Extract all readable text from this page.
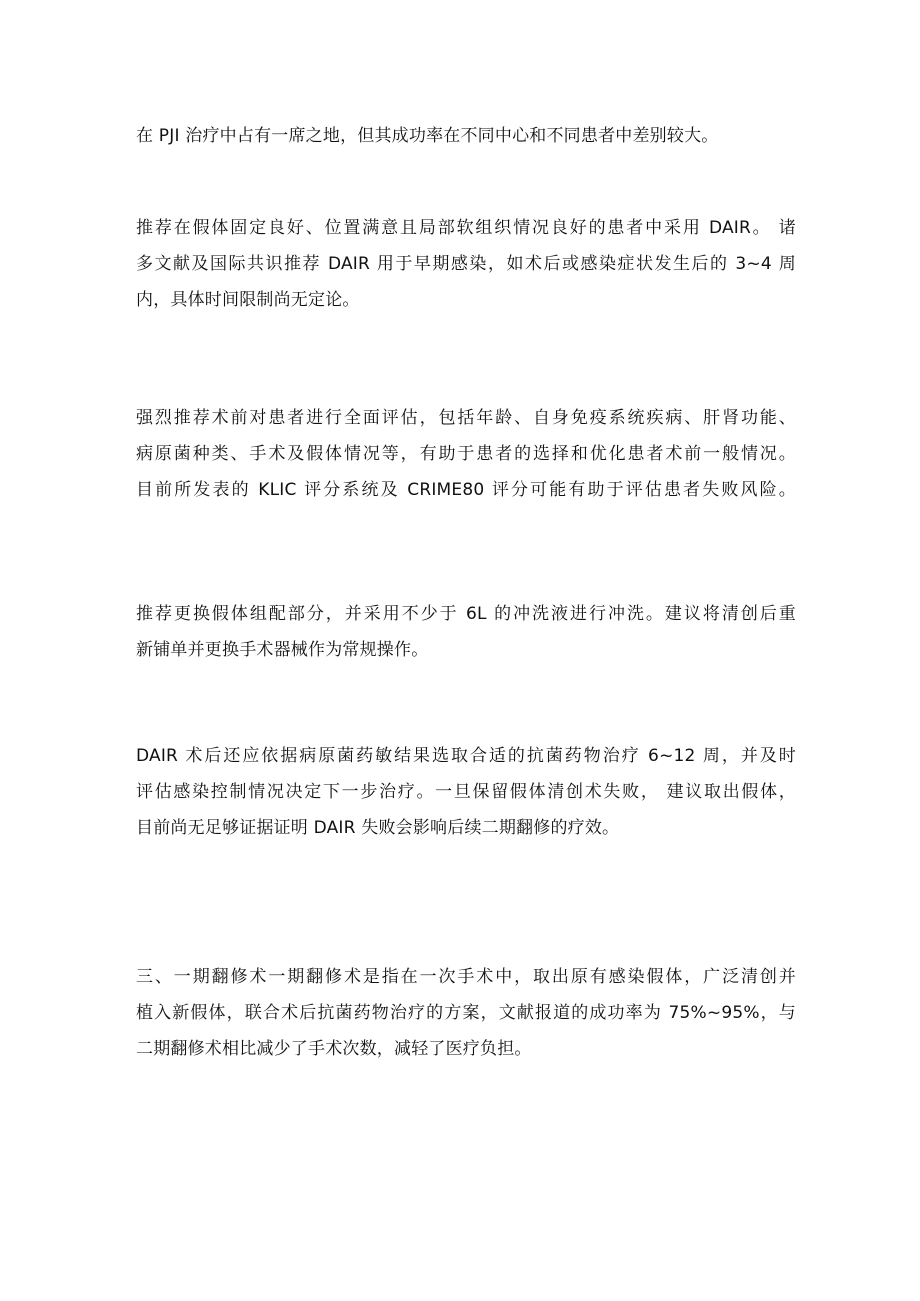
在 PJI 治疗中占有一席之地，但其成功率在不同中心和不同患者中差别较大。

推荐在假体固定良好、位置满意且局部软组织情况良好的患者中采用 DAIR。 诸
多文献及国际共识推荐 DAIR 用于早期感染，如术后或感染症状发生后的 3~4 周
内，具体时间限制尚无定论。

强烈推荐术前对患者进行全面评估，包括年龄、自身免疫系统疾病、肝肾功能、
病原菌种类、手术及假体情况等，有助于患者的选择和优化患者术前一般情况。
目前所发表的 KLIC 评分系统及 CRIME80 评分可能有助于评估患者失败风险。

推荐更换假体组配部分，并采用不少于 6L 的冲洗液进行冲洗。建议将清创后重
新铺单并更换手术器械作为常规操作。

DAIR 术后还应依据病原菌药敏结果选取合适的抗菌药物治疗 6~12 周，并及时
评估感染控制情况决定下一步治疗。一旦保留假体清创术失败， 建议取出假体，
目前尚无足够证据证明 DAIR 失败会影响后续二期翻修的疗效。

三、一期翻修术一期翻修术是指在一次手术中，取出原有感染假体，广泛清创并
植入新假体，联合术后抗菌药物治疗的方案，文献报道的成功率为 75%~95%，与
二期翻修术相比减少了手术次数，减轻了医疗负担。
